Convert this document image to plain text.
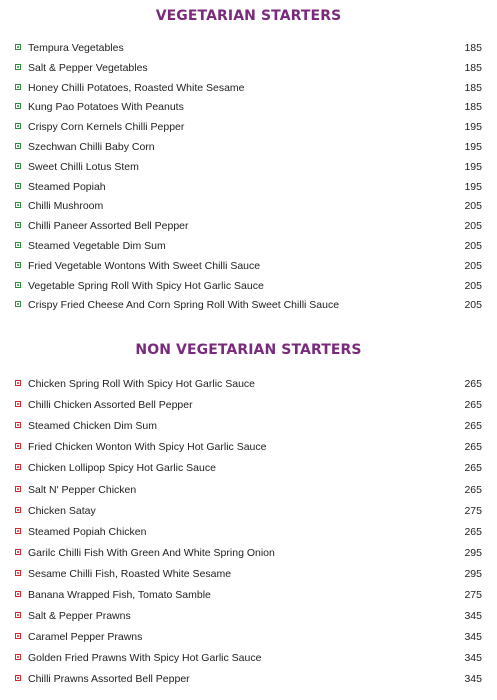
VEGETARIAN STARTERS
Tempura Vegetables	185
Salt & Pepper Vegetables	185
Honey Chilli Potatoes, Roasted White Sesame	185
Kung Pao Potatoes With Peanuts	185
Crispy Corn Kernels Chilli Pepper	195
Szechwan Chilli Baby Corn	195
Sweet Chilli Lotus Stem	195
Steamed Popiah	195
Chilli Mushroom	205
Chilli Paneer Assorted Bell Pepper	205
Steamed Vegetable Dim Sum	205
Fried Vegetable Wontons With Sweet Chilli Sauce	205
Vegetable Spring Roll With Spicy Hot Garlic Sauce	205
Crispy Fried Cheese And Corn Spring Roll With Sweet Chilli Sauce	205
NON VEGETARIAN STARTERS
Chicken Spring Roll With Spicy Hot Garlic Sauce	265
Chilli Chicken Assorted Bell Pepper	265
Steamed Chicken Dim Sum	265
Fried Chicken Wonton With Spicy Hot Garlic Sauce	265
Chicken Lollipop Spicy Hot Garlic Sauce	265
Salt N' Pepper Chicken	265
Chicken Satay	275
Steamed Popiah Chicken	265
Garilc Chilli Fish With Green And White Spring Onion	295
Sesame Chilli Fish, Roasted White Sesame	295
Banana Wrapped Fish, Tomato Samble	275
Salt & Pepper Prawns	345
Caramel Pepper Prawns	345
Golden Fried Prawns With Spicy Hot Garlic Sauce	345
Chilli Prawns Assorted Bell Pepper	345
